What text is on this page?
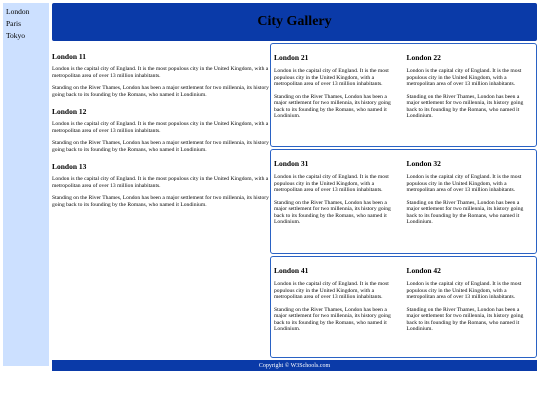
London
Paris
Tokyo
City Gallery
London 11

London is the capital city of England. It is the most populous city in the United Kingdom, with a metropolitan area of over 13 million inhabitants.

Standing on the River Thames, London has been a major settlement for two millennia, its history going back to its founding by the Romans, who named it Londinium.

London 12

London is the capital city of England. It is the most populous city in the United Kingdom, with a metropolitan area of over 13 million inhabitants.

Standing on the River Thames, London has been a major settlement for two millennia, its history going back to its founding by the Romans, who named it Londinium.

London 13

London is the capital city of England. It is the most populous city in the United Kingdom, with a metropolitan area of over 13 million inhabitants.

Standing on the River Thames, London has been a major settlement for two millennia, its history going back to its founding by the Romans, who named it Londinium.

London 21

London is the capital city of England. It is the most populous city in the United Kingdom, with a metropolitan area of over 13 million inhabitants.

Standing on the River Thames, London has been a major settlement for two millennia, its history going back to its founding by the Romans, who named it Londinium.

London 22

London is the capital city of England. It is the most populous city in the United Kingdom, with a metropolitan area of over 13 million inhabitants.

Standing on the River Thames, London has been a major settlement for two millennia, its history going back to its founding by the Romans, who named it Londinium.

London 31

London is the capital city of England. It is the most populous city in the United Kingdom, with a metropolitan area of over 13 million inhabitants.

Standing on the River Thames, London has been a major settlement for two millennia, its history going back to its founding by the Romans, who named it Londinium.

London 32

London is the capital city of England. It is the most populous city in the United Kingdom, with a metropolitan area of over 13 million inhabitants.

Standing on the River Thames, London has been a major settlement for two millennia, its history going back to its founding by the Romans, who named it Londinium.

London 41

London is the capital city of England. It is the most populous city in the United Kingdom, with a metropolitan area of over 13 million inhabitants.

Standing on the River Thames, London has been a major settlement for two millennia, its history going back to its founding by the Romans, who named it Londinium.

London 42

London is the capital city of England. It is the most populous city in the United Kingdom, with a metropolitan area of over 13 million inhabitants.

Standing on the River Thames, London has been a major settlement for two millennia, its history going back to its founding by the Romans, who named it Londinium.

Copyright © W3Schools.com
